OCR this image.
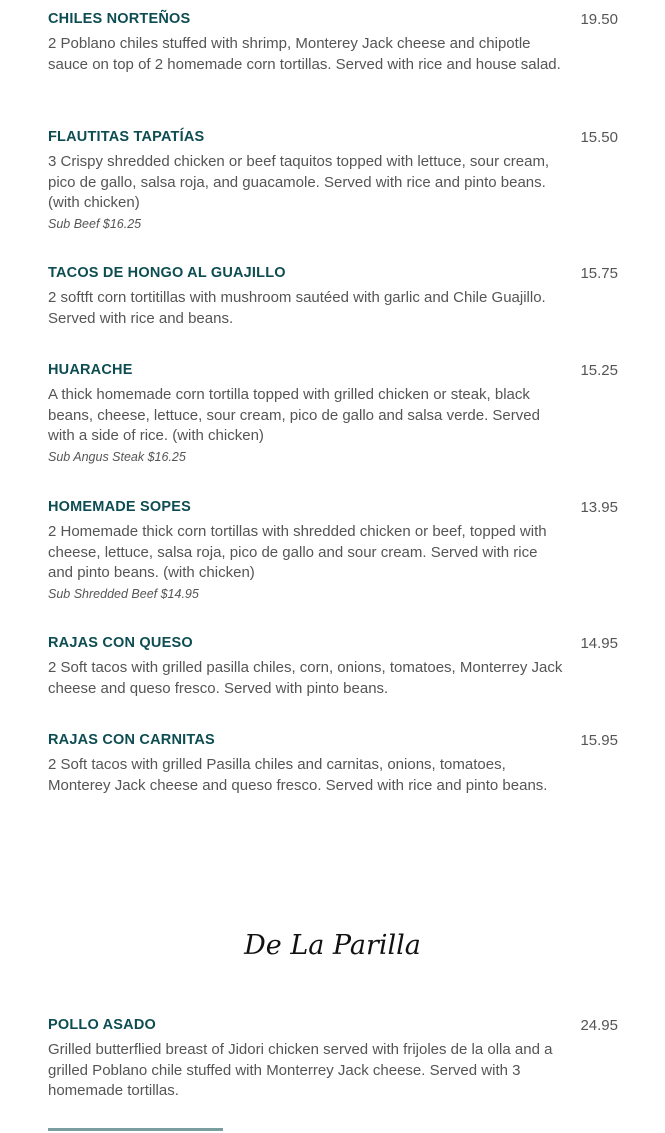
CHILES NORTEÑOS	19.50
2 Poblano chiles stuffed with shrimp, Monterey Jack cheese and chipotle sauce on top of 2 homemade corn tortillas. Served with rice and house salad.
FLAUTITAS TAPATÍAS	15.50
3 Crispy shredded chicken or beef taquitos topped with lettuce, sour cream, pico de gallo, salsa roja, and guacamole. Served with rice and pinto beans. (with chicken)
Sub Beef $16.25
TACOS DE HONGO AL GUAJILLO	15.75
2 softft corn tortitillas with mushroom sautéed with garlic and Chile Guajillo. Served with rice and beans.
HUARACHE	15.25
A thick homemade corn tortilla topped with grilled chicken or steak, black beans, cheese, lettuce, sour cream, pico de gallo and salsa verde. Served with a side of rice. (with chicken)
Sub Angus Steak $16.25
HOMEMADE SOPES	13.95
2 Homemade thick corn tortillas with shredded chicken or beef, topped with cheese, lettuce, salsa roja, pico de gallo and sour cream. Served with rice and pinto beans. (with chicken)
Sub Shredded Beef $14.95
RAJAS CON QUESO	14.95
2 Soft tacos with grilled pasilla chiles, corn, onions, tomatoes, Monterrey Jack cheese and queso fresco. Served with pinto beans.
RAJAS CON CARNITAS	15.95
2 Soft tacos with grilled Pasilla chiles and carnitas, onions, tomatoes, Monterey Jack cheese and queso fresco. Served with rice and pinto beans.
De La Parilla
POLLO ASADO	24.95
Grilled butterflied breast of Jidori chicken served with frijoles de la olla and a grilled Poblano chile stuffed with Monterrey Jack cheese. Served with 3 homemade tortillas.
